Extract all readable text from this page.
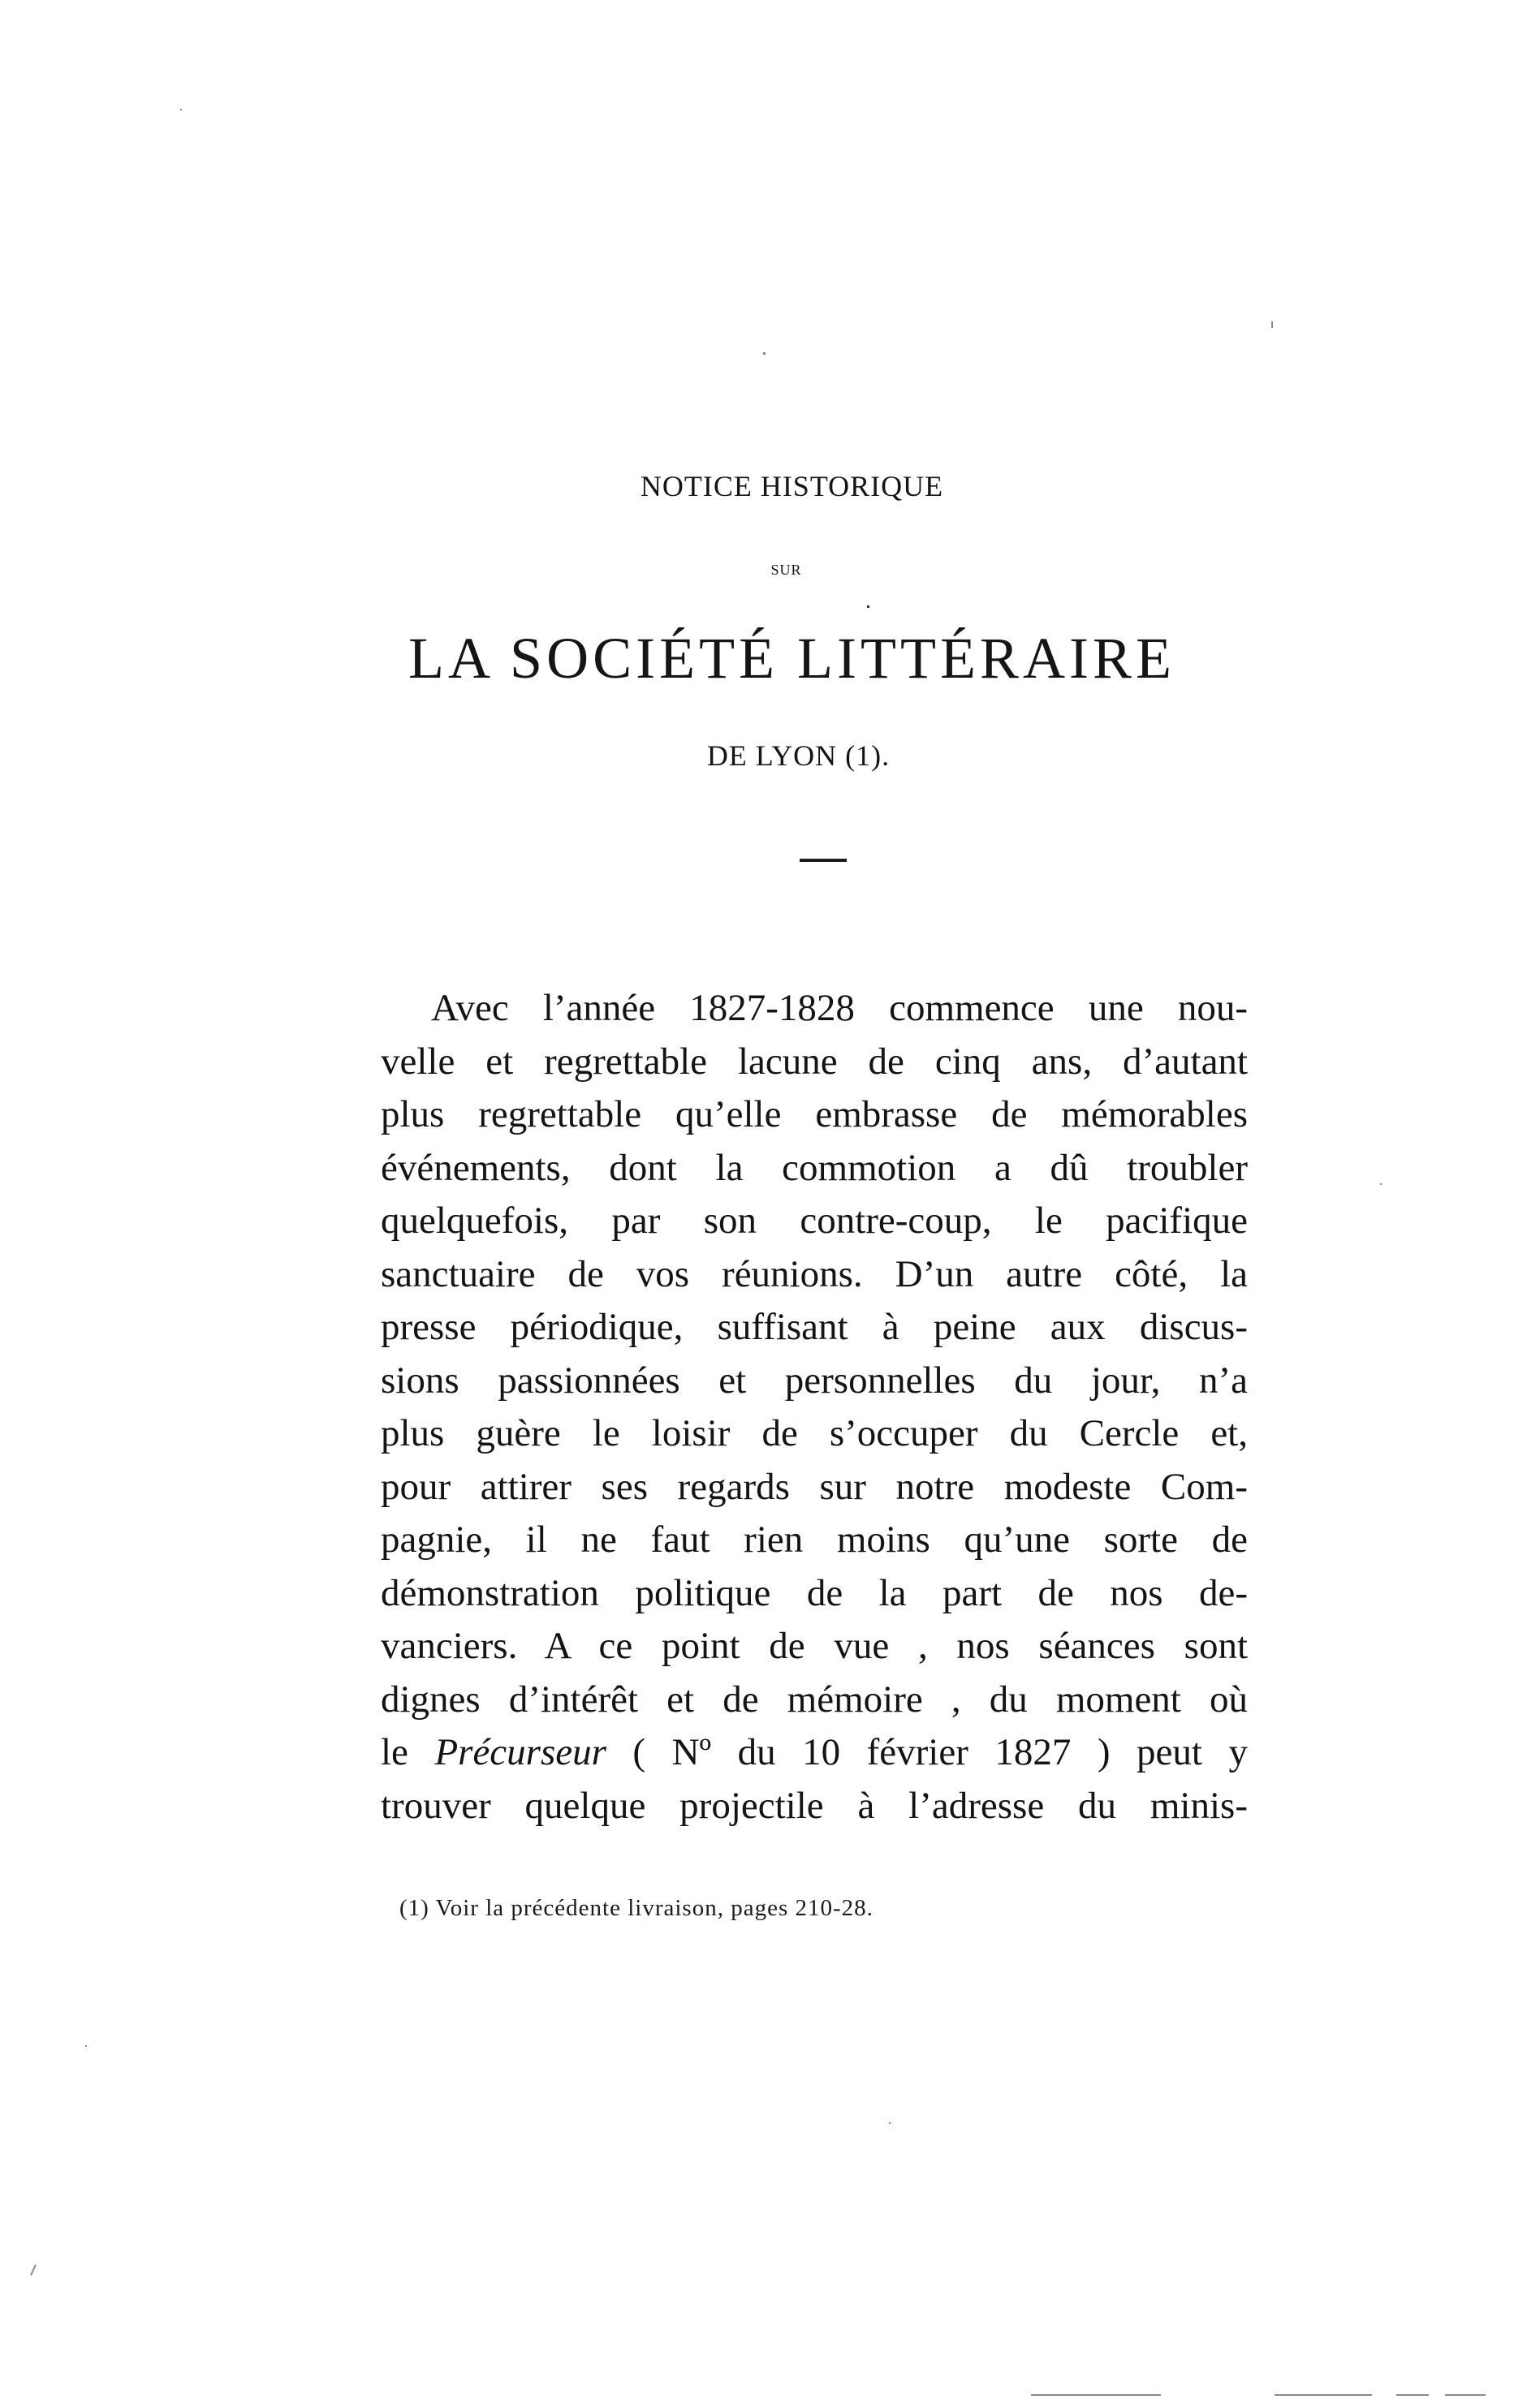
NOTICE HISTORIQUE
SUR
LA SOCIÉTÉ LITTÉRAIRE
DE LYON (1).
Avec l’année 1827-1828 commence une nou-
velle et regrettable lacune de cinq ans, d’autant
plus regrettable qu’elle embrasse de mémorables
événements, dont la commotion a dû troubler
quelquefois, par son contre-coup, le pacifique
sanctuaire de vos réunions. D’un autre côté, la
presse périodique, suffisant à peine aux discus-
sions passionnées et personnelles du jour, n’a
plus guère le loisir de s’occuper du Cercle et,
pour attirer ses regards sur notre modeste Com-
pagnie, il ne faut rien moins qu’une sorte de
démonstration politique de la part de nos de-
vanciers. A ce point de vue , nos séances sont
dignes d’intérêt et de mémoire , du moment où
le Précurseur ( Nº du 10 février 1827 ) peut y
trouver quelque projectile à l’adresse du minis-
(1) Voir la précédente livraison, pages 210-28.
